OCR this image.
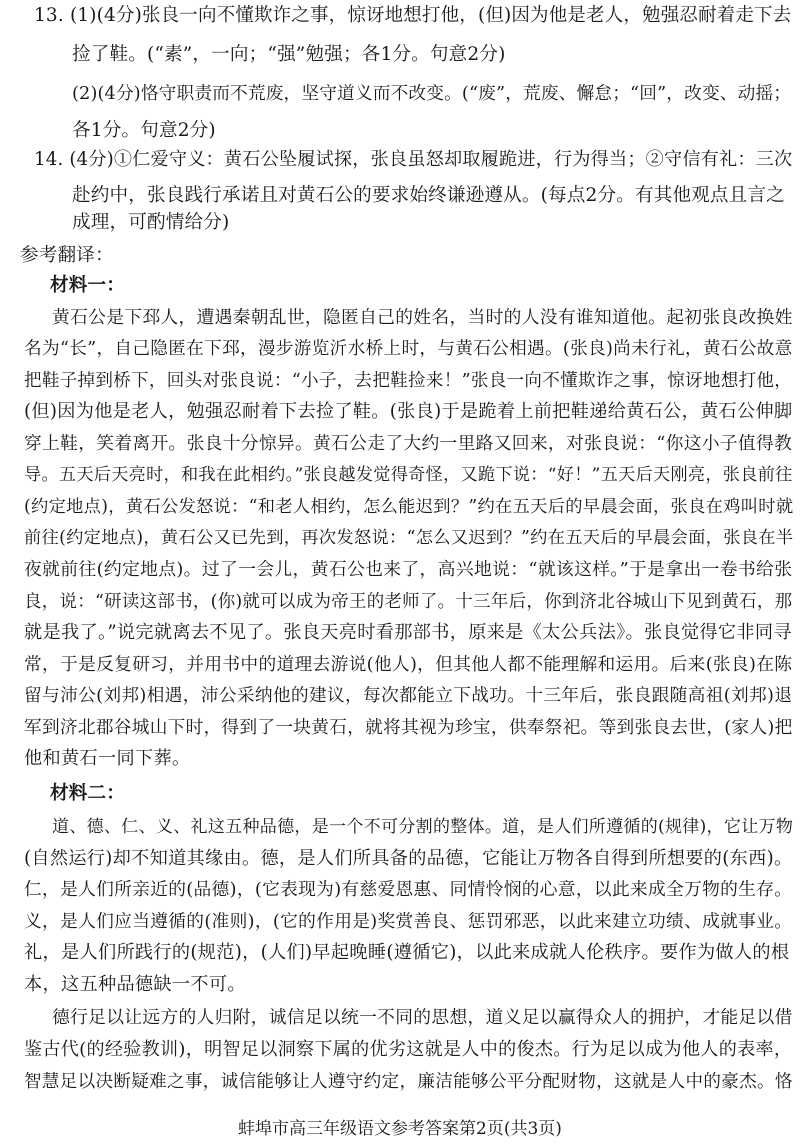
13. (1)(4分)张良一向不懂欺诈之事，惊讶地想打他，(但)因为他是老人，勉强忍耐着走下去
捡了鞋。(“素”，一向；“强”勉强；各1分。句意2分)
(2)(4分)恪守职责而不荒废，坚守道义而不改变。(“废”，荒废、懈怠；“回”，改变、动摇；
各1分。句意2分)
14. (4分)①仁爱守义：黄石公坠履试探，张良虽怒却取履跪进，行为得当；②守信有礼：三次
赴约中，张良践行承诺且对黄石公的要求始终谦逊遵从。(每点2分。有其他观点且言之
成理，可酌情给分)
参考翻译：
材料一：
黄石公是下邳人，遭遇秦朝乱世，隐匿自己的姓名，当时的人没有谁知道他。起初张良改换姓
名为“长”，自己隐匿在下邳，漫步游览沂水桥上时，与黄石公相遇。(张良)尚未行礼，黄石公故意
把鞋子掉到桥下，回头对张良说：“小子，去把鞋捡来！”张良一向不懂欺诈之事，惊讶地想打他，
(但)因为他是老人，勉强忍耐着下去捡了鞋。(张良)于是跪着上前把鞋递给黄石公，黄石公伸脚
穿上鞋，笑着离开。张良十分惊异。黄石公走了大约一里路又回来，对张良说：“你这小子值得教
导。五天后天亮时，和我在此相约。”张良越发觉得奇怪，又跪下说：“好！”五天后天刚亮，张良前往
(约定地点)，黄石公发怒说：“和老人相约，怎么能迟到？”约在五天后的早晨会面，张良在鸡叫时就
前往(约定地点)，黄石公又已先到，再次发怒说：“怎么又迟到？”约在五天后的早晨会面，张良在半
夜就前往(约定地点)。过了一会儿，黄石公也来了，高兴地说：“就该这样。”于是拿出一卷书给张
良，说：“研读这部书，(你)就可以成为帝王的老师了。十三年后，你到济北谷城山下见到黄石，那
就是我了。”说完就离去不见了。张良天亮时看那部书，原来是《太公兵法》。张良觉得它非同寻
常，于是反复研习，并用书中的道理去游说(他人)，但其他人都不能理解和运用。后来(张良)在陈
留与沛公(刘邦)相遇，沛公采纳他的建议，每次都能立下战功。十三年后，张良跟随高祖(刘邦)退
军到济北郡谷城山下时，得到了一块黄石，就将其视为珍宝，供奉祭祀。等到张良去世，(家人)把
他和黄石一同下葬。
材料二：
道、德、仁、义、礼这五种品德，是一个不可分割的整体。道，是人们所遵循的(规律)，它让万物
(自然运行)却不知道其缘由。德，是人们所具备的品德，它能让万物各自得到所想要的(东西)。
仁，是人们所亲近的(品德)，(它表现为)有慈爱恩惠、同情怜悯的心意，以此来成全万物的生存。
义，是人们应当遵循的(准则)，(它的作用是)奖赏善良、惩罚邪恶，以此来建立功绩、成就事业。
礼，是人们所践行的(规范)，(人们)早起晚睡(遵循它)，以此来成就人伦秩序。要作为做人的根
本，这五种品德缺一不可。
德行足以让远方的人归附，诚信足以统一不同的思想，道义足以赢得众人的拥护，才能足以借
鉴古代(的经验教训)，明智足以洞察下属的优劣这就是人中的俊杰。行为足以成为他人的表率，
智慧足以决断疑难之事，诚信能够让人遵守约定，廉洁能够公平分配财物，这就是人中的豪杰。恪
蚌埠市高三年级语文参考答案第2页(共3页)
